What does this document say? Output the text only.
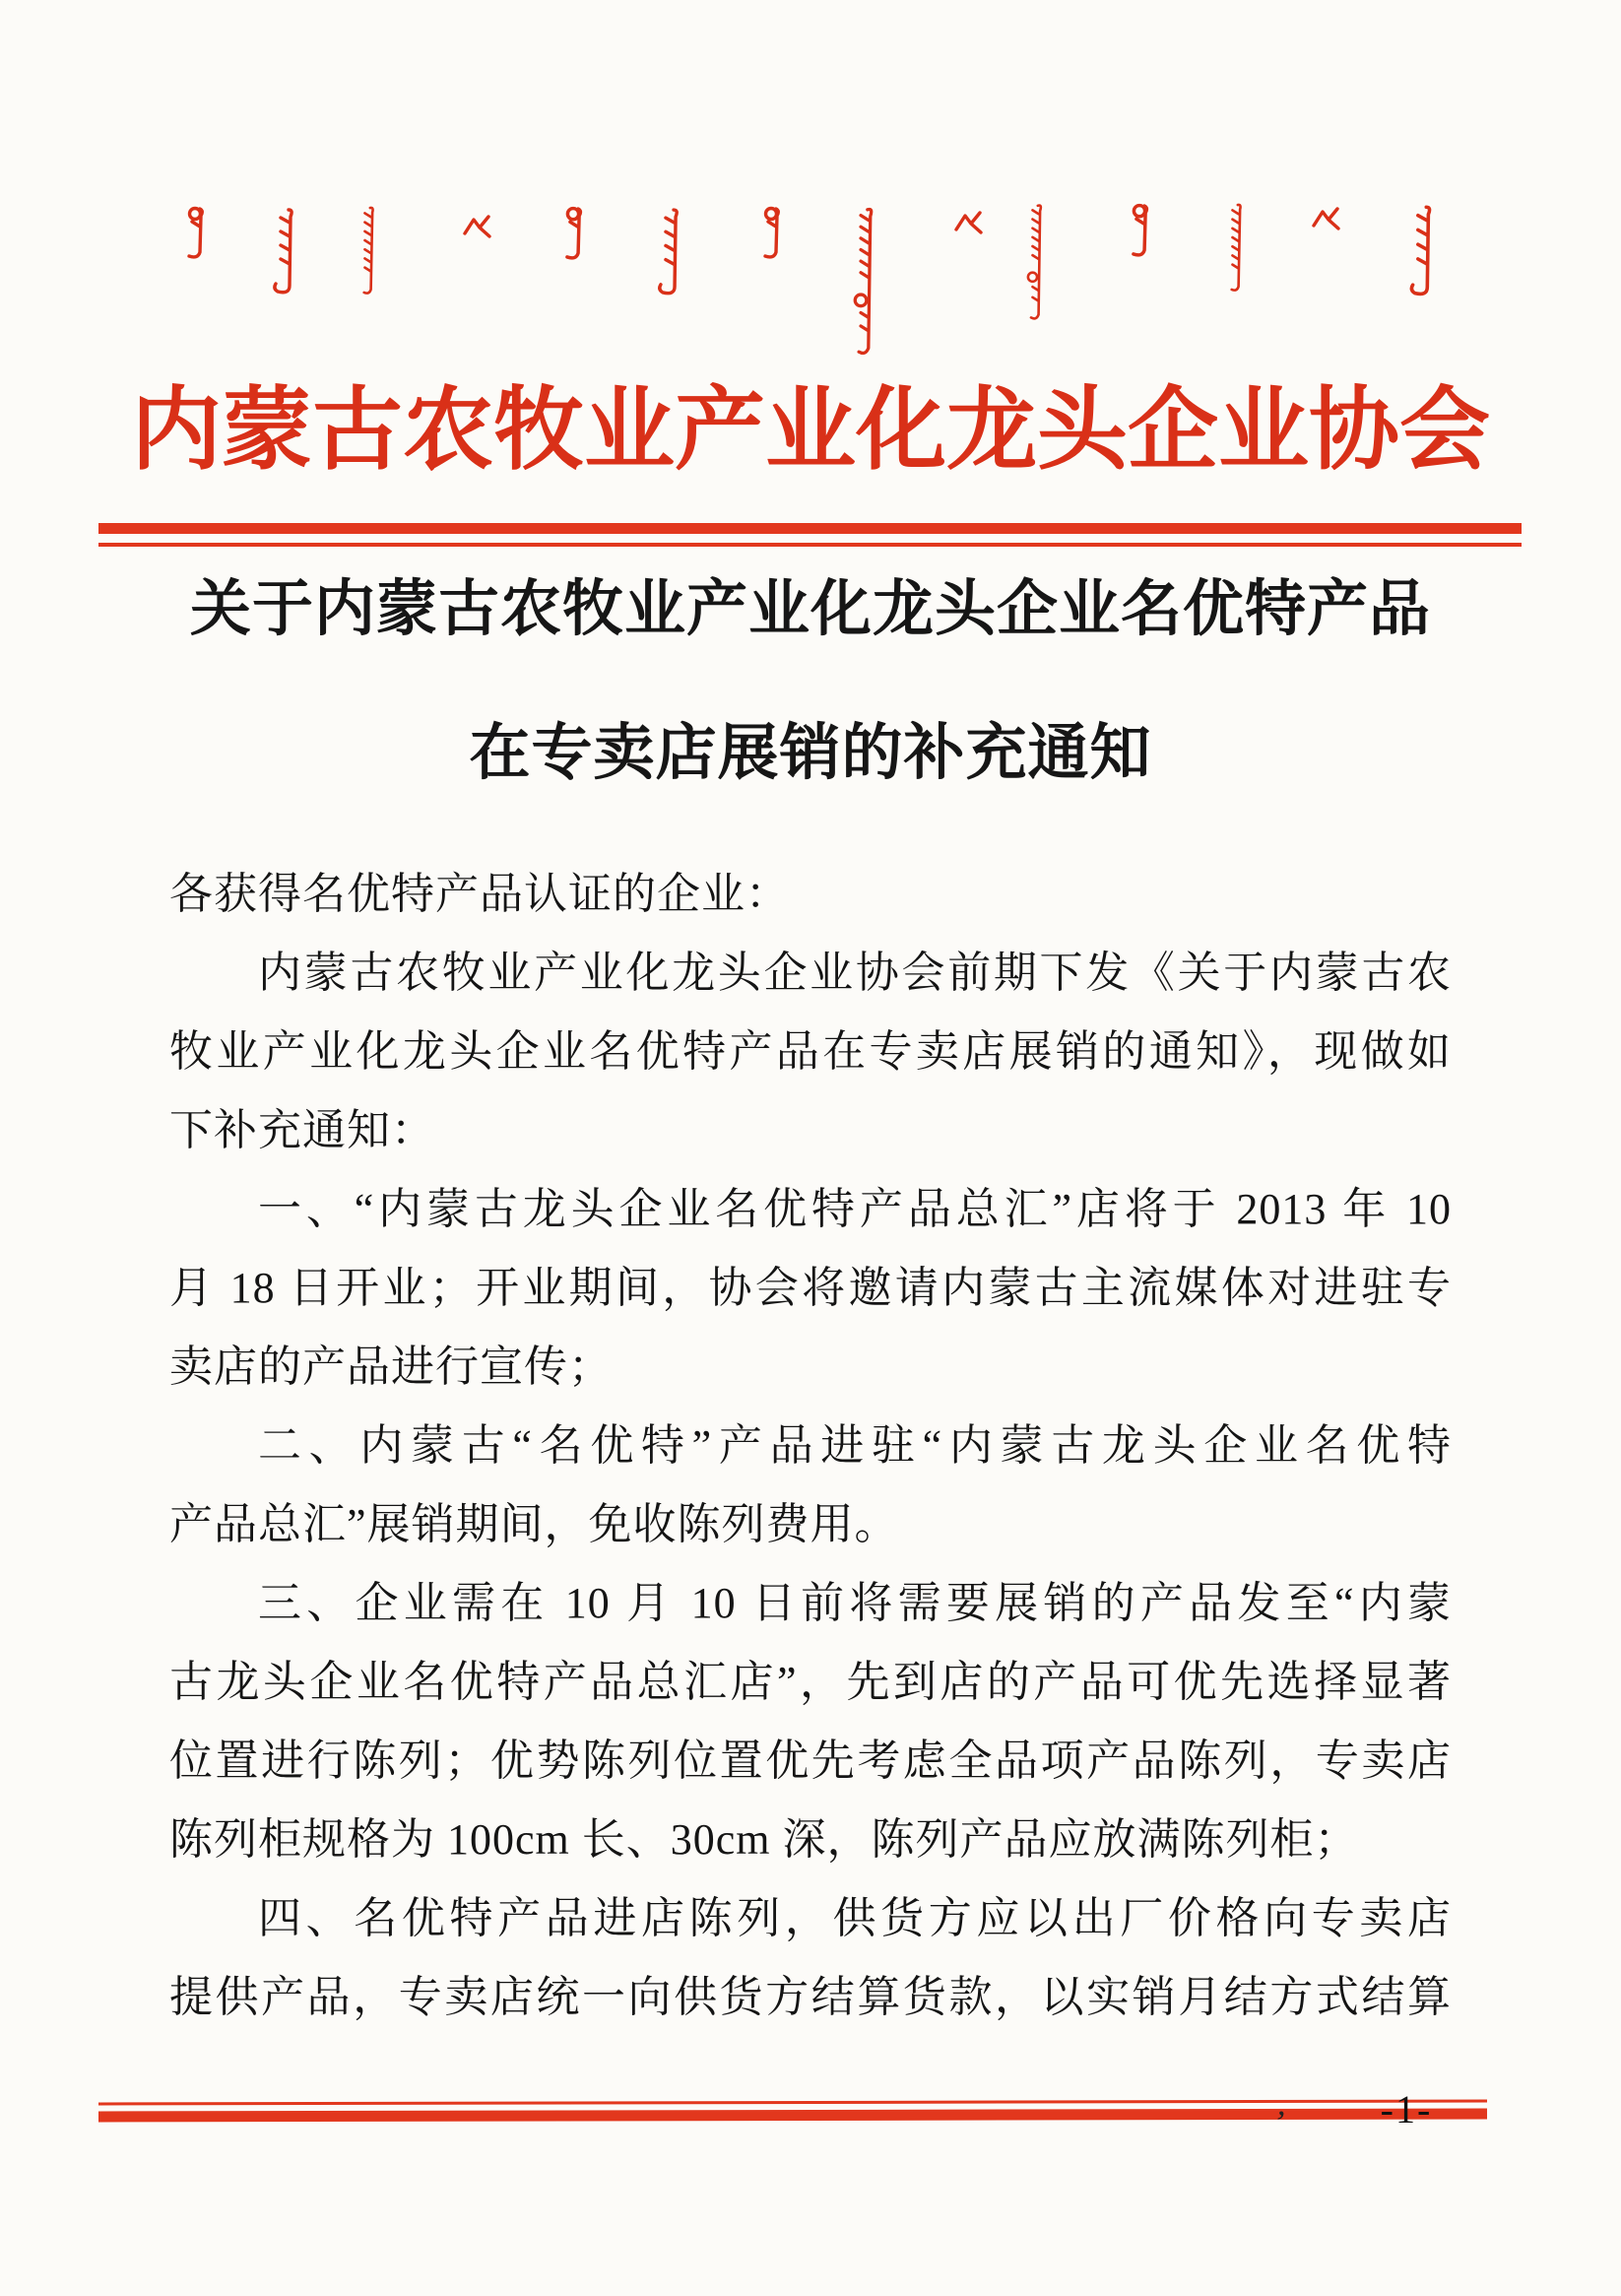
内蒙古农牧业产业化龙头企业协会
关于内蒙古农牧业产业化龙头企业名优特产品
在专卖店展销的补充通知
各获得名优特产品认证的企业：
内蒙古农牧业产业化龙头企业协会前期下发《关于内蒙古农
牧业产业化龙头企业名优特产品在专卖店展销的通知》，现做如
下补充通知：
一、“内蒙古龙头企业名优特产品总汇”店将于 2013 年 10
月 18 日开业；开业期间，协会将邀请内蒙古主流媒体对进驻专
卖店的产品进行宣传；
二、内蒙古“名优特”产品进驻“内蒙古龙头企业名优特
产品总汇”展销期间，免收陈列费用。
三、企业需在 10 月 10 日前将需要展销的产品发至“内蒙
古龙头企业名优特产品总汇店”，先到店的产品可优先选择显著
位置进行陈列；优势陈列位置优先考虑全品项产品陈列，专卖店
陈列柜规格为 100cm 长、30cm 深，陈列产品应放满陈列柜；
四、名优特产品进店陈列，供货方应以出厂价格向专卖店
提供产品，专卖店统一向供货方结算货款，以实销月结方式结算
’	-1-
